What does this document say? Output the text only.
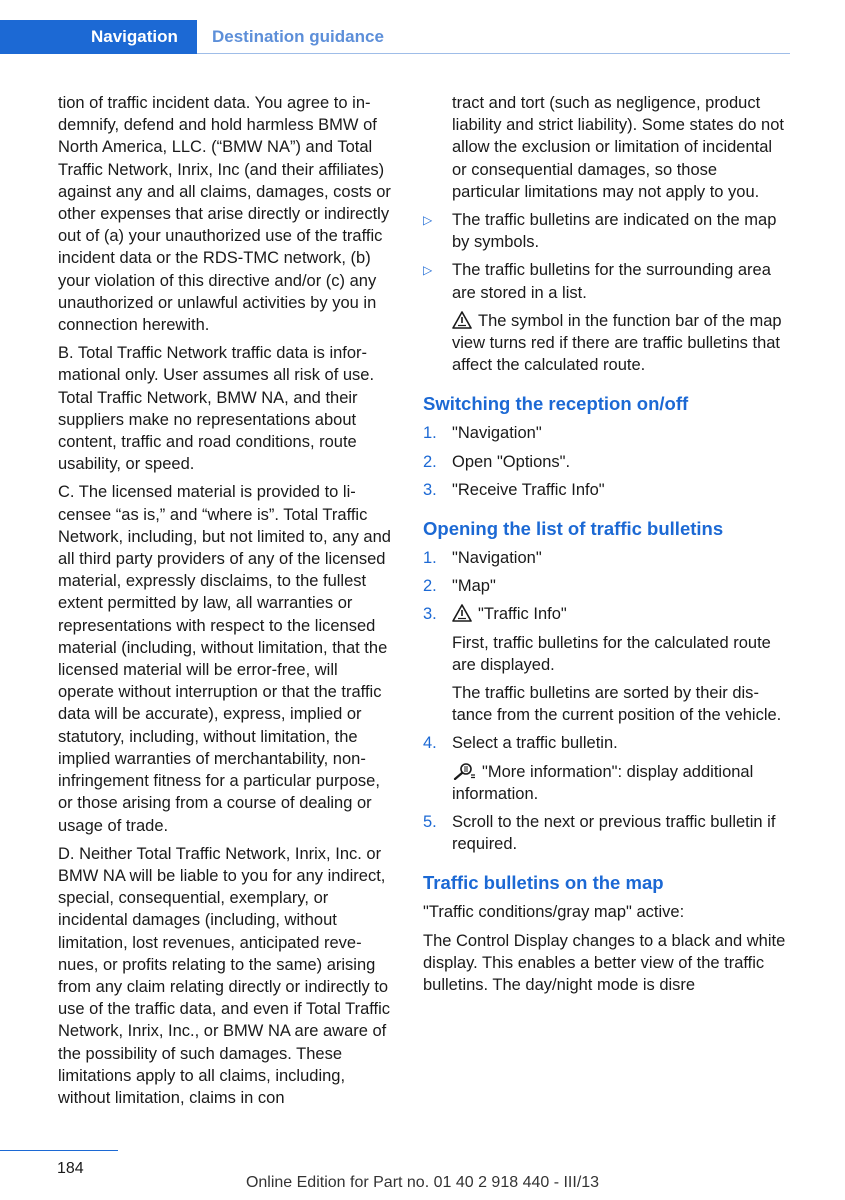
Navigation	Destination guidance

tion of traffic incident data. You agree to indemnify, defend and hold harmless BMW of North America, LLC. (“BMW NA”) and Total Traffic Network, Inrix, Inc (and their affiliates) against any and all claims, damages, costs or other expenses that arise directly or indirectly out of (a) your unauthorized use of the traffic incident data or the RDS-TMC network, (b) your violation of this directive and/or (c) any unauthorized or unlawful activities by you in connection herewith.

B. Total Traffic Network traffic data is informational only. User assumes all risk of use. Total Traffic Network, BMW NA, and their suppliers make no representations about content, traffic and road conditions, route usability, or speed.

C. The licensed material is provided to licensee “as is,” and “where is”. Total Traffic Network, including, but not limited to, any and all third party providers of any of the licensed material, expressly disclaims, to the fullest extent permitted by law, all warranties or representations with respect to the licensed material (including, without limitation, that the licensed material will be error-free, will operate without interruption or that the traffic data will be accurate), express, implied or statutory, including, without limitation, the implied warranties of merchantability, non-infringement fitness for a particular purpose, or those arising from a course of dealing or usage of trade.

D. Neither Total Traffic Network, Inrix, Inc. or BMW NA will be liable to you for any indirect, special, consequential, exemplary, or incidental damages (including, without limitation, lost revenues, anticipated revenues, or profits relating to the same) arising from any claim relating directly or indirectly to use of the traffic data, and even if Total Traffic Network, Inrix, Inc., or BMW NA are aware of the possibility of such damages. These limitations apply to all claims, including, without limitation, claims in con

tract and tort (such as negligence, product liability and strict liability). Some states do not allow the exclusion or limitation of incidental or consequential damages, so those particular limitations may not apply to you.

▷ The traffic bulletins are indicated on the map by symbols.
▷ The traffic bulletins for the surrounding area are stored in a list.

The symbol in the function bar of the map view turns red if there are traffic bulletins that affect the calculated route.

Switching the reception on/off
1. "Navigation"
2. Open "Options".
3. "Receive Traffic Info"
Opening the list of traffic bulletins
1. "Navigation"
2. "Map"
3. "Traffic Info"

First, traffic bulletins for the calculated route are displayed.

The traffic bulletins are sorted by their distance from the current position of the vehicle.

4. Select a traffic bulletin.

"More information": display additional information.

5. Scroll to the next or previous traffic bulletin if required.
Traffic bulletins on the map

"Traffic conditions/gray map" active:

The Control Display changes to a black and white display. This enables a better view of the traffic bulletins. The day/night mode is disre

184
Online Edition for Part no. 01 40 2 918 440 - III/13
